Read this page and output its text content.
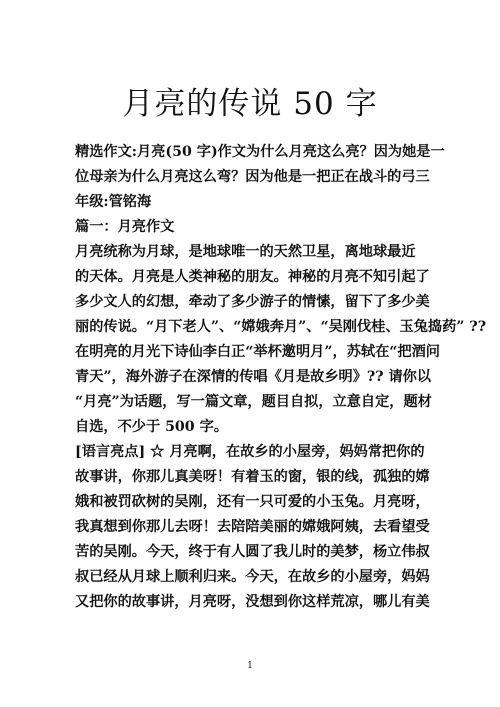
月亮的传说 50 字
精选作文:月亮(50 字)作文为什么月亮这么亮？因为她是一
位母亲为什么月亮这么弯？因为他是一把正在战斗的弓三
年级:管铭海
篇一：月亮作文
月亮统称为月球，是地球唯一的天然卫星，离地球最近
的天体。月亮是人类神秘的朋友。神秘的月亮不知引起了
多少文人的幻想，牵动了多少游子的情愫，留下了多少美
丽的传说。“月下老人”、“嫦娥奔月”、“吴刚伐桂、玉兔捣药” ??
在明亮的月光下诗仙李白正“举杯邀明月”，苏轼在“把酒问
青天”，海外游子在深情的传唱《月是故乡明》?? 请你以
“月亮”为话题，写一篇文章，题目自拟，立意自定，题材
自选，不少于 500 字。
[语言亮点] ☆ 月亮啊，在故乡的小屋旁，妈妈常把你的
故事讲，你那儿真美呀！有着玉的窗，银的线，孤独的嫦
娥和被罚砍树的吴刚，还有一只可爱的小玉兔。月亮呀，
我真想到你那儿去呀！去陪陪美丽的嫦娥阿姨，去看望受
苦的吴刚。今天，终于有人圆了我儿时的美梦，杨立伟叔
叔已经从月球上顺利归来。今天，在故乡的小屋旁，妈妈
又把你的故事讲，月亮呀，没想到你这样荒凉，哪儿有美
1
